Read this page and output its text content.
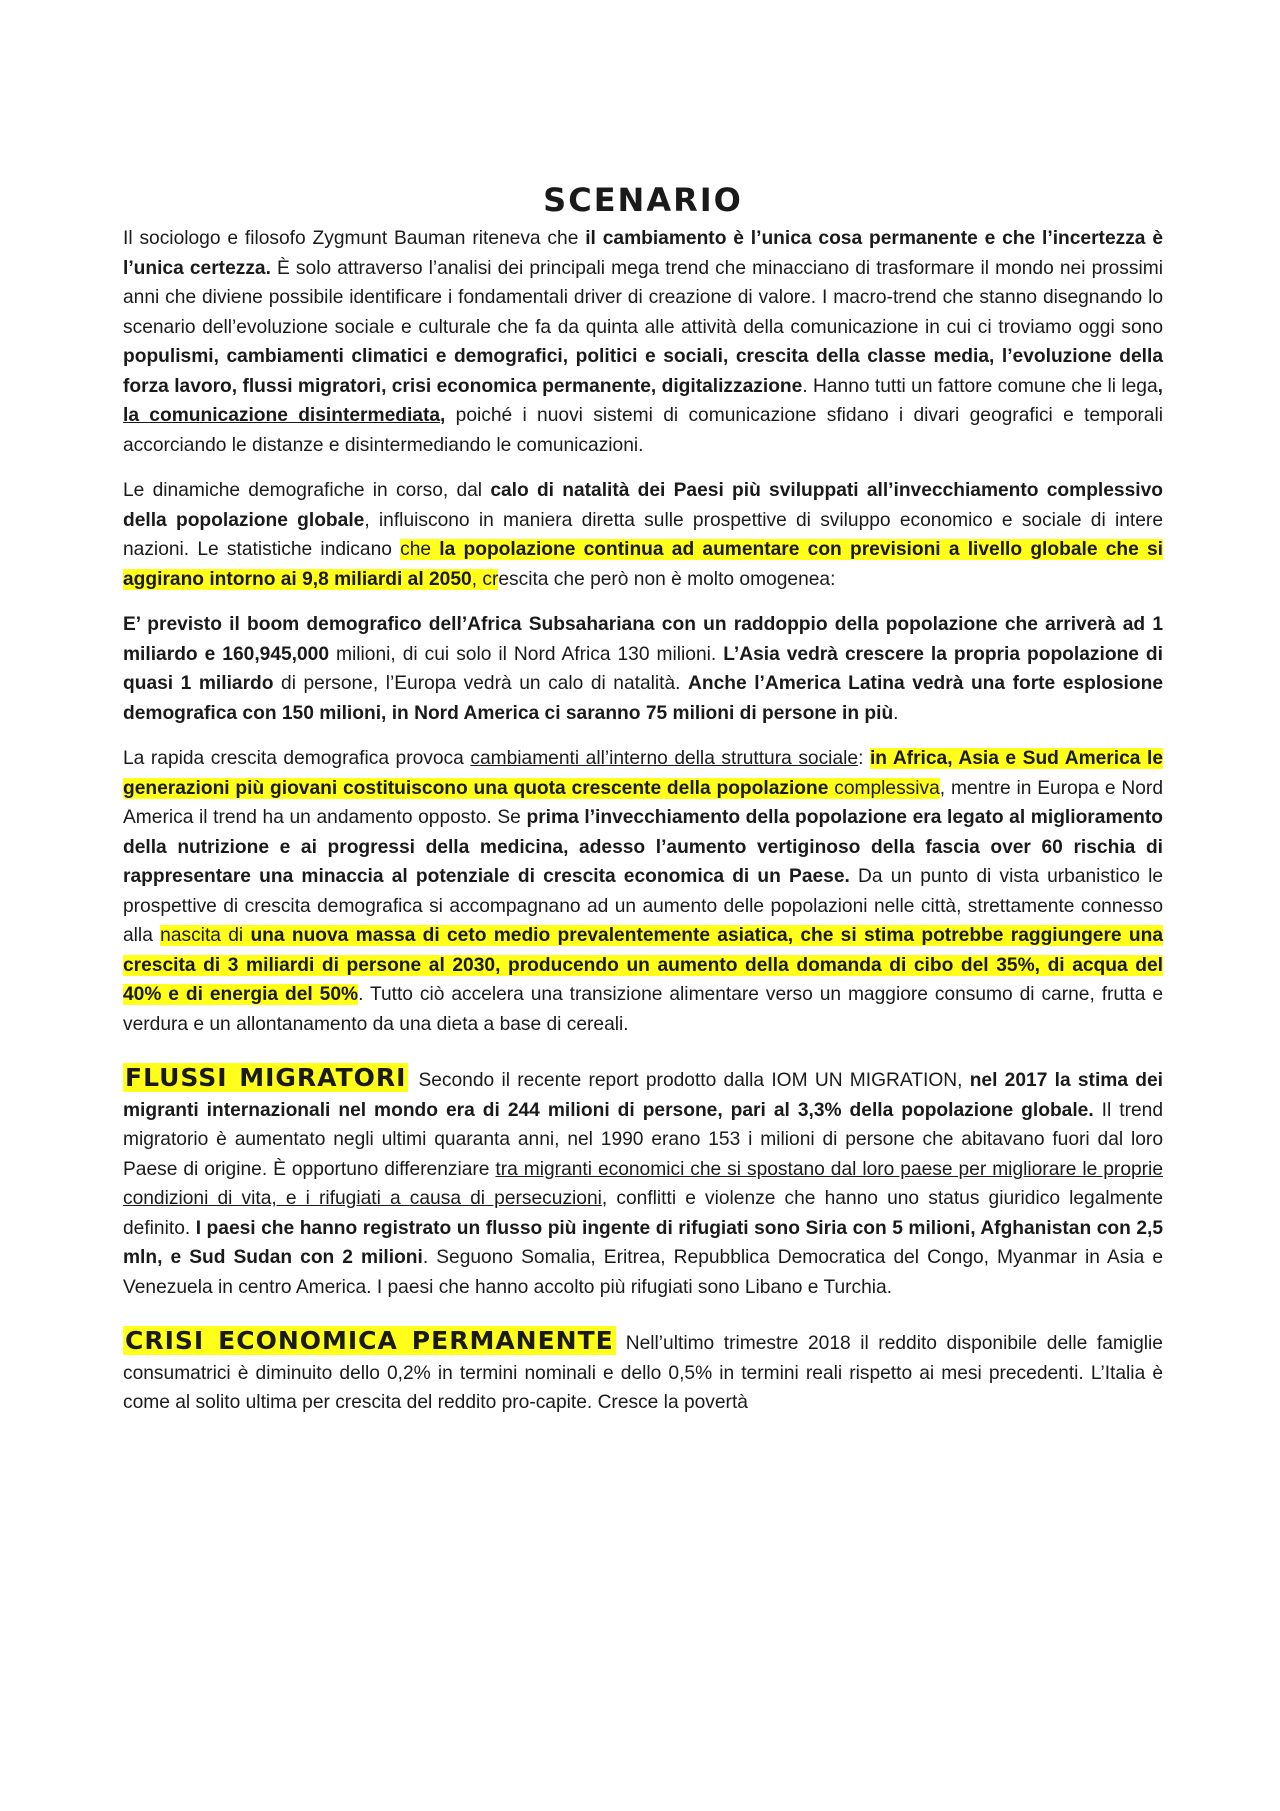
SCENARIO

Il sociologo e filosofo Zygmunt Bauman riteneva che il cambiamento è l’unica cosa permanente e che l’incertezza è l’unica certezza. È solo attraverso l’analisi dei principali mega trend che minacciano di trasformare il mondo nei prossimi anni che diviene possibile identificare i fondamentali driver di creazione di valore. I macro-trend che stanno disegnando lo scenario dell’evoluzione sociale e culturale che fa da quinta alle attività della comunicazione in cui ci troviamo oggi sono populismi, cambiamenti climatici e demografici, politici e sociali, crescita della classe media, l’evoluzione della forza lavoro, flussi migratori, crisi economica permanente, digitalizzazione. Hanno tutti un fattore comune che li lega, la comunicazione disintermediata, poiché i nuovi sistemi di comunicazione sfidano i divari geografici e temporali accorciando le distanze e disintermediando le comunicazioni.

Le dinamiche demografiche in corso, dal calo di natalità dei Paesi più sviluppati all’invecchiamento complessivo della popolazione globale, influiscono in maniera diretta sulle prospettive di sviluppo economico e sociale di intere nazioni. Le statistiche indicano che la popolazione continua ad aumentare con previsioni a livello globale che si aggirano intorno ai 9,8 miliardi al 2050, crescita che però non è molto omogenea:

E’ previsto il boom demografico dell’Africa Subsahariana con un raddoppio della popolazione che arriverà ad 1 miliardo e 160,945,000 milioni, di cui solo il Nord Africa 130 milioni. L’Asia vedrà crescere la propria popolazione di quasi 1 miliardo di persone, l’Europa vedrà un calo di natalità. Anche l’America Latina vedrà una forte esplosione demografica con 150 milioni, in Nord America ci saranno 75 milioni di persone in più.

La rapida crescita demografica provoca cambiamenti all’interno della struttura sociale: in Africa, Asia e Sud America le generazioni più giovani costituiscono una quota crescente della popolazione complessiva, mentre in Europa e Nord America il trend ha un andamento opposto. Se prima l’invecchiamento della popolazione era legato al miglioramento della nutrizione e ai progressi della medicina, adesso l’aumento vertiginoso della fascia over 60 rischia di rappresentare una minaccia al potenziale di crescita economica di un Paese. Da un punto di vista urbanistico le prospettive di crescita demografica si accompagnano ad un aumento delle popolazioni nelle città, strettamente connesso alla nascita di una nuova massa di ceto medio prevalentemente asiatica, che si stima potrebbe raggiungere una crescita di 3 miliardi di persone al 2030, producendo un aumento della domanda di cibo del 35%, di acqua del 40% e di energia del 50%. Tutto ciò accelera una transizione alimentare verso un maggiore consumo di carne, frutta e verdura e un allontanamento da una dieta a base di cereali.

FLUSSI MIGRATORI Secondo il recente report prodotto dalla IOM UN MIGRATION, nel 2017 la stima dei migranti internazionali nel mondo era di 244 milioni di persone, pari al 3,3% della popolazione globale. Il trend migratorio è aumentato negli ultimi quaranta anni, nel 1990 erano 153 i milioni di persone che abitavano fuori dal loro Paese di origine. È opportuno differenziare tra migranti economici che si spostano dal loro paese per migliorare le proprie condizioni di vita, e i rifugiati a causa di persecuzioni, conflitti e violenze che hanno uno status giuridico legalmente definito. I paesi che hanno registrato un flusso più ingente di rifugiati sono Siria con 5 milioni, Afghanistan con 2,5 mln, e Sud Sudan con 2 milioni. Seguono Somalia, Eritrea, Repubblica Democratica del Congo, Myanmar in Asia e Venezuela in centro America. I paesi che hanno accolto più rifugiati sono Libano e Turchia.

CRISI ECONOMICA PERMANENTE Nell’ultimo trimestre 2018 il reddito disponibile delle famiglie consumatrici è diminuito dello 0,2% in termini nominali e dello 0,5% in termini reali rispetto ai mesi precedenti. L’Italia è come al solito ultima per crescita del reddito pro-capite. Cresce la povertà
